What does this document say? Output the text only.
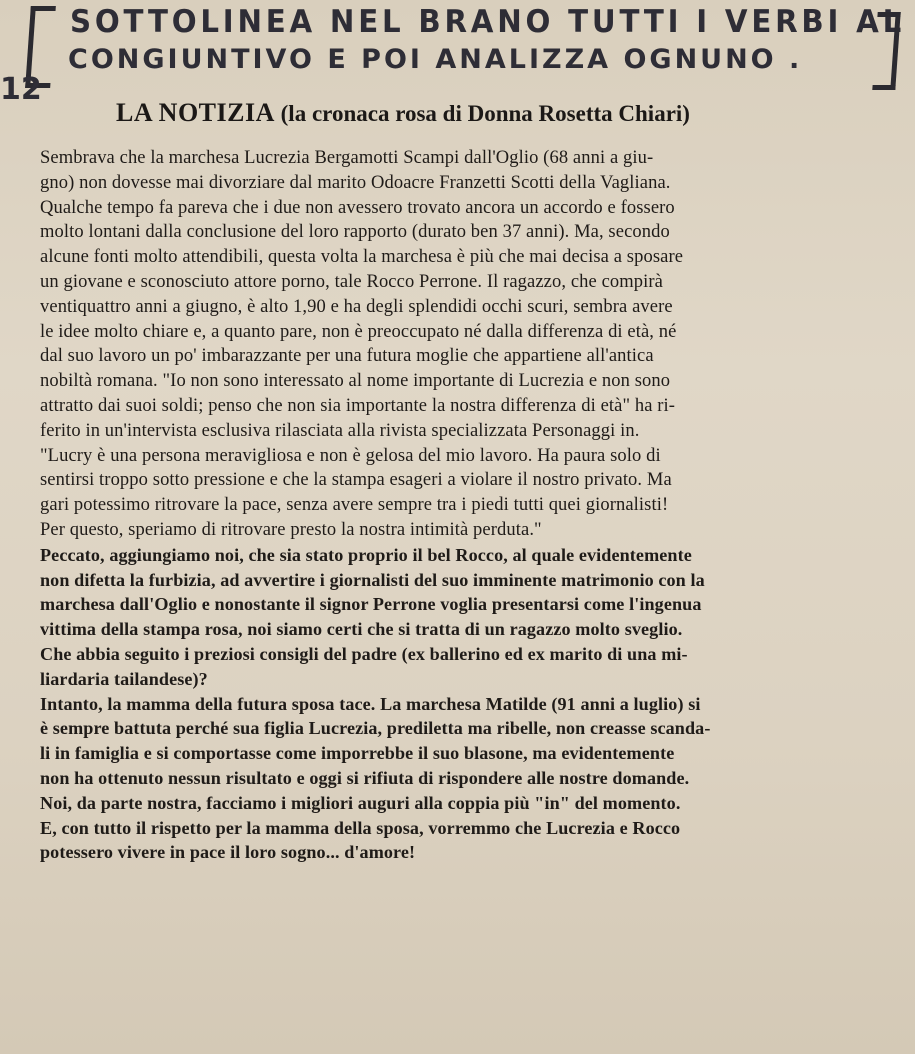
SOTTOLINEA NEL BRANO TUTTI I VERBI AL
CONGIUNTIVO E POI ANALIZZA OGNUNO .
12
LA NOTIZIA (la cronaca rosa di Donna Rosetta Chiari)
Sembrava che la marchesa Lucrezia Bergamotti Scampi dall'Oglio (68 anni a giu-
gno) non dovesse mai divorziare dal marito Odoacre Franzetti Scotti della Vagliana.
Qualche tempo fa pareva che i due non avessero trovato ancora un accordo e fossero
molto lontani dalla conclusione del loro rapporto (durato ben 37 anni). Ma, secondo
alcune fonti molto attendibili, questa volta la marchesa è più che mai decisa a sposare
un giovane e sconosciuto attore porno, tale Rocco Perrone. Il ragazzo, che compirà
ventiquattro anni a giugno, è alto 1,90 e ha degli splendidi occhi scuri, sembra avere
le idee molto chiare e, a quanto pare, non è preoccupato né dalla differenza di età, né
dal suo lavoro un po' imbarazzante per una futura moglie che appartiene all'antica
nobiltà romana. "Io non sono interessato al nome importante di Lucrezia e non sono
attratto dai suoi soldi; penso che non sia importante la nostra differenza di età" ha ri-
ferito in un'intervista esclusiva rilasciata alla rivista specializzata Personaggi in.
"Lucry è una persona meravigliosa e non è gelosa del mio lavoro. Ha paura solo di
sentirsi troppo sotto pressione e che la stampa esageri a violare il nostro privato. Ma
gari potessimo ritrovare la pace, senza avere sempre tra i piedi tutti quei giornalisti!
Per questo, speriamo di ritrovare presto la nostra intimità perduta."
Peccato, aggiungiamo noi, che sia stato proprio il bel Rocco, al quale evidentemente
non difetta la furbizia, ad avvertire i giornalisti del suo imminente matrimonio con la
marchesa dall'Oglio e nonostante il signor Perrone voglia presentarsi come l'ingenua
vittima della stampa rosa, noi siamo certi che si tratta di un ragazzo molto sveglio.
Che abbia seguito i preziosi consigli del padre (ex ballerino ed ex marito di una mi-
liardaria tailandese)?
Intanto, la mamma della futura sposa tace. La marchesa Matilde (91 anni a luglio) si
è sempre battuta perché sua figlia Lucrezia, prediletta ma ribelle, non creasse scanda-
li in famiglia e si comportasse come imporrebbe il suo blasone, ma evidentemente
non ha ottenuto nessun risultato e oggi si rifiuta di rispondere alle nostre domande.
Noi, da parte nostra, facciamo i migliori auguri alla coppia più "in" del momento.
E, con tutto il rispetto per la mamma della sposa, vorremmo che Lucrezia e Rocco
potessero vivere in pace il loro sogno... d'amore!
